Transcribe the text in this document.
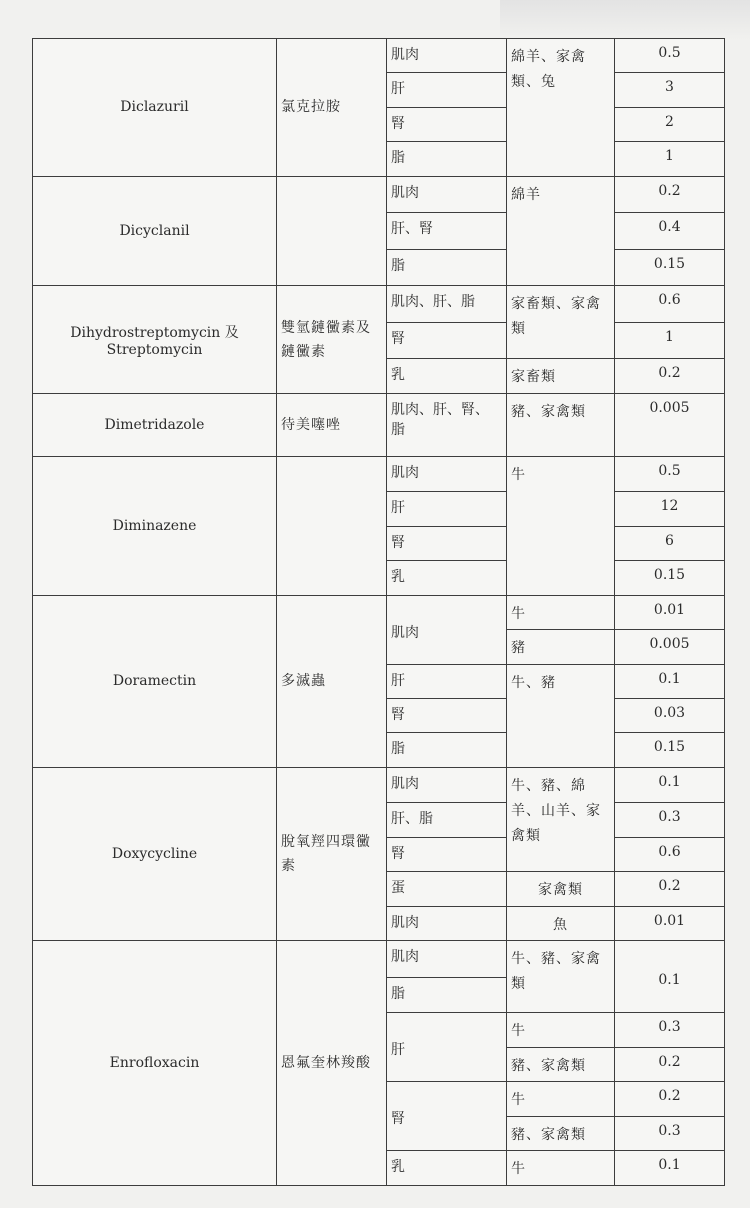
Diclazuril	氯克拉胺	肌肉	綿羊、家禽類、兔	0.5
		肝		3
		腎		2
		脂		1
Dicyclanil		肌肉	綿羊	0.2
		肝、腎		0.4
		脂		0.15
Dihydrostreptomycin 及 Streptomycin	雙氫鏈黴素及鏈黴素	肌肉、肝、脂	家畜類、家禽類	0.6
		腎		1
		乳	家畜類	0.2
Dimetridazole	待美噻唑	肌肉、肝、腎、脂	豬、家禽類	0.005
Diminazene		肌肉	牛	0.5
		肝		12
		腎		6
		乳		0.15
Doramectin	多滅蟲	肌肉	牛	0.01
			豬	0.005
		肝	牛、豬	0.1
		腎		0.03
		脂		0.15
Doxycycline	脫氧羥四環黴素	肌肉	牛、豬、綿羊、山羊、家禽類	0.1
		肝、脂		0.3
		腎		0.6
		蛋	家禽類	0.2
		肌肉	魚	0.01
Enrofloxacin	恩氟奎林羧酸	肌肉	牛、豬、家禽類	0.1
		脂		
		肝	牛	0.3
			豬、家禽類	0.2
		腎	牛	0.2
			豬、家禽類	0.3
		乳	牛	0.1
